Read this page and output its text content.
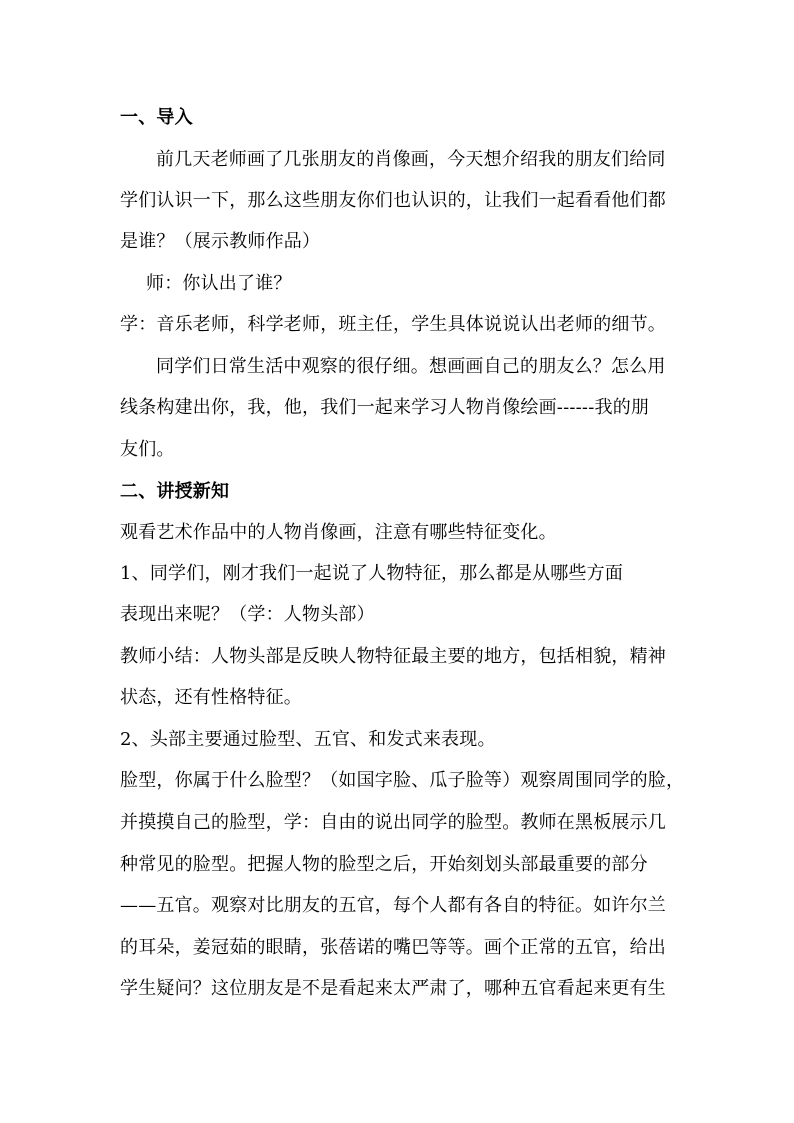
一、导入
前几天老师画了几张朋友的肖像画，今天想介绍我的朋友们给同
学们认识一下，那么这些朋友你们也认识的，让我们一起看看他们都
是谁？（展示教师作品）
师：你认出了谁？
学：音乐老师，科学老师，班主任，学生具体说说认出老师的细节。
同学们日常生活中观察的很仔细。想画画自己的朋友么？怎么用
线条构建出你，我，他，我们一起来学习人物肖像绘画------我的朋
友们。
二、讲授新知
观看艺术作品中的人物肖像画，注意有哪些特征变化。
1、同学们，刚才我们一起说了人物特征，那么都是从哪些方面
表现出来呢？（学：人物头部）
教师小结：人物头部是反映人物特征最主要的地方，包括相貌，精神
状态，还有性格特征。
2、头部主要通过脸型、五官、和发式来表现。
脸型，你属于什么脸型？（如国字脸、瓜子脸等）观察周围同学的脸，
并摸摸自己的脸型，学：自由的说出同学的脸型。教师在黑板展示几
种常见的脸型。把握人物的脸型之后，开始刻划头部最重要的部分
——五官。观察对比朋友的五官，每个人都有各自的特征。如许尔兰
的耳朵，姜冠茹的眼睛，张蓓诺的嘴巴等等。画个正常的五官，给出
学生疑问？这位朋友是不是看起来太严肃了，哪种五官看起来更有生
